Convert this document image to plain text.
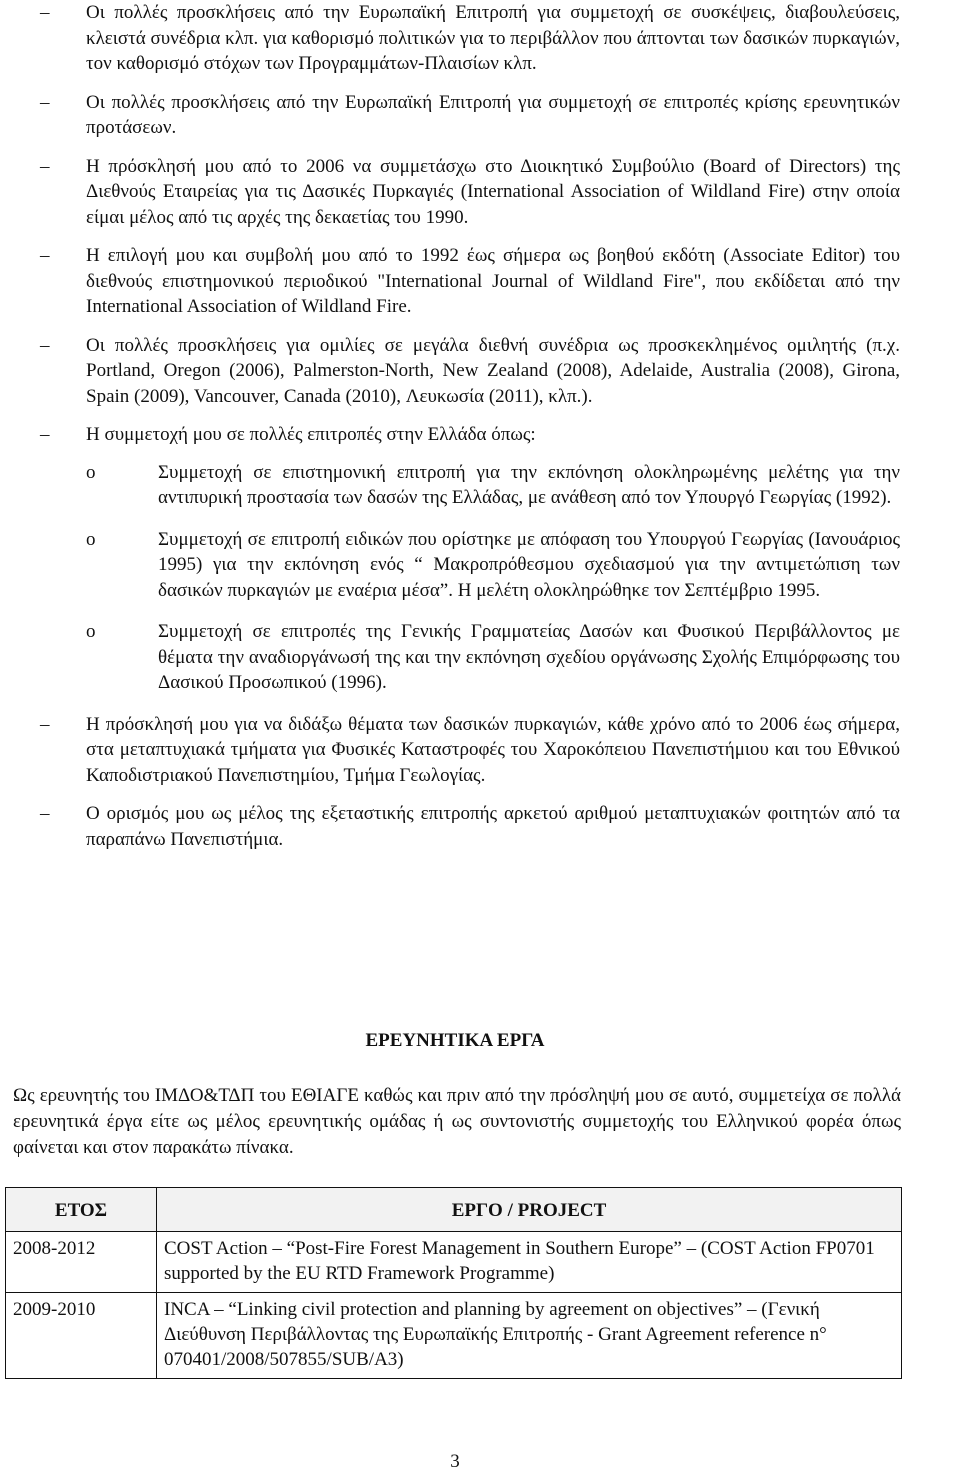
– Οι πολλές προσκλήσεις από την Ευρωπαϊκή Επιτροπή για συμμετοχή σε συσκέψεις, διαβουλεύσεις, κλειστά συνέδρια κλπ. για καθορισμό πολιτικών για το περιβάλλον που άπτονται των δασικών πυρκαγιών, τον καθορισμό στόχων των Προγραμμάτων-Πλαισίων κλπ.
– Οι πολλές προσκλήσεις από την Ευρωπαϊκή Επιτροπή για συμμετοχή σε επιτροπές κρίσης ερευνητικών προτάσεων.
– Η πρόσκλησή μου από το 2006 να συμμετάσχω στο Διοικητικό Συμβούλιο (Board of Directors) της Διεθνούς Εταιρείας για τις Δασικές Πυρκαγιές (International Association of Wildland Fire) στην οποία είμαι μέλος από τις αρχές της δεκαετίας του 1990.
– Η επιλογή μου και συμβολή μου από το 1992 έως σήμερα ως βοηθού εκδότη (Associate Editor) του διεθνούς επιστημονικού περιοδικού "International Journal of Wildland Fire", που εκδίδεται από την International Association of Wildland Fire.
– Οι πολλές προσκλήσεις για ομιλίες σε μεγάλα διεθνή συνέδρια ως προσκεκλημένος ομιλητής (π.χ. Portland, Oregon (2006), Palmerston-North, New Zealand (2008), Adelaide, Australia (2008), Girona, Spain (2009), Vancouver, Canada (2010), Λευκωσία (2011), κλπ.).
– Η συμμετοχή μου σε πολλές επιτροπές στην Ελλάδα όπως:
o	Συμμετοχή σε επιστημονική επιτροπή για την εκπόνηση ολοκληρωμένης μελέτης για την αντιπυρική προστασία των δασών της Ελλάδας, με ανάθεση από τον Υπουργό Γεωργίας (1992).
o	Συμμετοχή σε επιτροπή ειδικών που ορίστηκε με απόφαση του Υπουργού Γεωργίας (Ιανουάριος 1995) για την εκπόνηση ενός “ Μακροπρόθεσμου σχεδιασμού για την αντιμετώπιση των δασικών πυρκαγιών με εναέρια μέσα”. Η μελέτη ολοκληρώθηκε τον Σεπτέμβριο 1995.
o	Συμμετοχή σε επιτροπές της Γενικής Γραμματείας Δασών και Φυσικού Περιβάλλοντος με θέματα την αναδιοργάνωσή της και την εκπόνηση σχεδίου οργάνωσης Σχολής Επιμόρφωσης του Δασικού Προσωπικού (1996).
– Η πρόσκλησή μου για να διδάξω θέματα των δασικών πυρκαγιών, κάθε χρόνο από το 2006 έως σήμερα, στα μεταπτυχιακά τμήματα για Φυσικές Καταστροφές του Χαροκόπειου Πανεπιστήμιου και του Εθνικού Καποδιστριακού Πανεπιστημίου, Τμήμα Γεωλογίας.
– Ο ορισμός μου ως μέλος της εξεταστικής επιτροπής αρκετού αριθμού μεταπτυχιακών φοιτητών από τα παραπάνω Πανεπιστήμια.
ΕΡΕΥΝΗΤΙΚΑ ΕΡΓΑ
Ως ερευνητής του ΙΜΔΟ&ΤΔΠ του ΕΘΙΑΓΕ καθώς και πριν από την πρόσληψή μου σε αυτό, συμμετείχα σε πολλά ερευνητικά έργα είτε ως μέλος ερευνητικής ομάδας ή ως συντονιστής συμμετοχής του Ελληνικού φορέα όπως φαίνεται και στον παρακάτω πίνακα.
ΕΤΟΣ	ΕΡΓΟ / PROJECT
2008-2012	COST Action – “Post-Fire Forest Management in Southern Europe” – (COST Action FP0701 supported by the EU RTD Framework Programme)
2009-2010	INCA – “Linking civil protection and planning by agreement on objectives” – (Γενική Διεύθυνση Περιβάλλοντας της Ευρωπαϊκής Επιτροπής - Grant Agreement reference n° 070401/2008/507855/SUB/A3)
3
